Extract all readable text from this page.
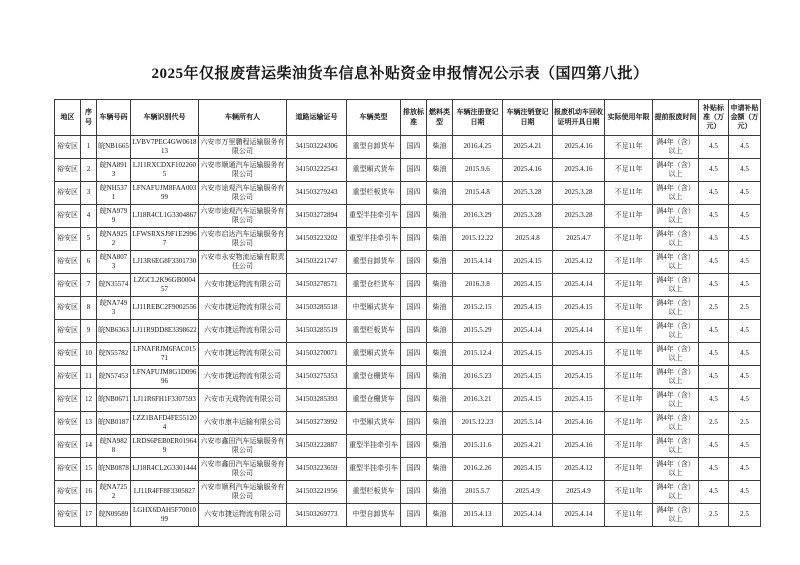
2025年仅报废营运柴油货车信息补贴资金申报情况公示表（国四第八批）
地区	序号	车辆号码	车辆识别代号	车辆所有人	道路运输证号	车辆类型	排放标准	燃料类型	车辆注册登记日期	车辆注销登记日期	报废机动车回收证明开具日期	实际使用年限	提前报废时间	补贴标准（万元）	申请补贴金额（万元）
裕安区	1	皖NB1665	LVBV7PEC4GW061813	六安市万里鹏程运输服务有限公司	341503224306	重型自卸货车	国四	柴油	2016.4.25	2025.4.21	2025.4.16	不足11年	满4年（含）以上	4.5	4.5
裕安区	2	皖NA8913	LJ11RXCDXF1022605	六安市顺通汽车运输服务有限公司	341503222543	重型厢式货车	国四	柴油	2015.9.6	2025.4.16	2025.4.16	不足11年	满4年（含）以上	4.5	4.5
裕安区	3	皖NH5371	LFNAFUJM8FAA00399	六安市途观汽车运输服务有限公司	341503279243	重型栏板货车	国四	柴油	2015.4.8	2025.3.28	2025.3.28	不足11年	满4年（含）以上	4.5	4.5
裕安区	4	皖NA9799	LJ18R4CL1G3304867	六安市途观汽车运输服务有限公司	341503272894	重型半挂牵引车	国四	柴油	2016.3.29	2025.3.28	2025.3.28	不足11年	满4年（含）以上	4.5	4.5
裕安区	5	皖NA9252	LFWSRXSJ9F1E29967	六安市启达汽车运输服务有限公司	341503223202	重型半挂牵引车	国四	柴油	2015.12.22	2025.4.8	2025.4.7	不足11年	满4年（含）以上	4.5	4.5
裕安区	6	皖NA8073	LJ13R6EG8F3301730	六安市永安物流运输有限责任公司	341503221747	重型自卸货车	国四	柴油	2015.4.14	2025.4.15	2025.4.12	不足11年	满4年（含）以上	4.5	4.5
裕安区	7	皖N35574	LZGCL2K96GB000457	六安市捷运物流有限公司	341503278571	重型仓栏货车	国四	柴油	2016.3.8	2025.4.15	2025.4.14	不足11年	满4年（含）以上	4.5	4.5
裕安区	8	皖NA7493	LJ11REBC2F9002556	六安市捷运物流有限公司	341503285518	中型厢式货车	国四	柴油	2015.2.15	2025.4.15	2025.4.15	不足11年	满4年（含）以上	2.5	2.5
裕安区	9	皖NB6363	LJ11R9DD8E3398622	六安市捷运物流有限公司	341503285519	重型栏板货车	国四	柴油	2015.5.29	2025.4.14	2025.4.14	不足11年	满4年（含）以上	4.5	4.5
裕安区	10	皖N55782	LFNAFRJM6FAC01571	六安市捷运物流有限公司	341503270071	重型厢式货车	国四	柴油	2015.12.4	2025.4.15	2025.4.15	不足11年	满4年（含）以上	4.5	4.5
裕安区	11	皖N57453	LFNAFUJM8G1D09696	六安市捷运物流有限公司	341503275353	重型仓栅货车	国四	柴油	2016.5.23	2025.4.15	2025.4.15	不足11年	满4年（含）以上	4.5	4.5
裕安区	12	皖NB0671	LJ11R6FH1F3307593	六安市天成物流有限公司	341503285393	重型仓栅货车	国四	柴油	2016.3.21	2025.4.15	2025.4.15	不足11年	满4年（含）以上	4.5	4.5
裕安区	13	皖NB0187	LZZ1BAFD4FE551204	六安市康丰运输有限公司	341503273992	中型厢式货车	国四	柴油	2015.12.23	2025.5.14	2025.4.16	不足11年	满4年（含）以上	2.5	2.5
裕安区	14	皖NA9828	LRDS6PEB0ER019649	六安市鑫田汽车运输服务有限公司	341503222887	重型半挂牵引车	国四	柴油	2015.11.6	2025.4.21	2025.4.16	不足11年	满4年（含）以上	4.5	4.5
裕安区	15	皖NB0878	LJ18R4CL2G3301444	六安市鑫田汽车运输服务有限公司	341503223659	重型半挂牵引车	国四	柴油	2016.2.26	2025.4.15	2025.4.12	不足11年	满4年（含）以上	4.5	4.5
裕安区	16	皖NA7252	LJ11R4FF8F3305827	六安市顺利汽车运输服务有限公司	341503221956	重型栏板货车	国四	柴油	2015.5.7	2025.4.9	2025.4.9	不足11年	满4年（含）以上	4.5	4.5
裕安区	17	皖N09589	LGHX6DAH5F7001099	六安市捷运物流有限公司	341503269773	中型自卸货车	国四	柴油	2015.4.13	2025.4.14	2025.4.14	不足11年	满4年（含）以上	2.5	2.5
